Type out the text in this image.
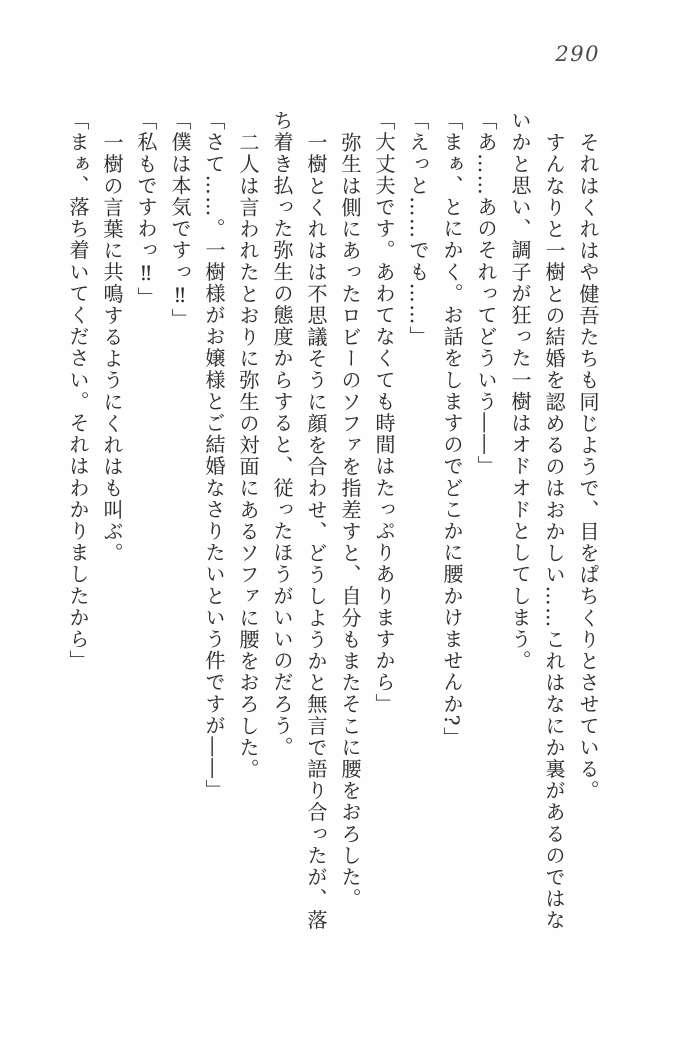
290
それはくれはや健吾たちも同じようで、目をぱちくりとさせている。
すんなりと一樹との結婚を認めるのはおかしい……これはなにか裏があるのではな
いかと思い、調子が狂った一樹はオドオドとしてしまう。
「あ……あのそれってどういう――」
「まぁ、とにかく。お話をしますのでどこかに腰かけませんか?」
「えっと……でも……」
「大丈夫です。あわてなくても時間はたっぷりありますから」
弥生は側にあったロビーのソファを指差すと、自分もまたそこに腰をおろした。
一樹とくれはは不思議そうに顔を合わせ、どうしようかと無言で語り合ったが、落
ち着き払った弥生の態度からすると、従ったほうがいいのだろう。
二人は言われたとおりに弥生の対面にあるソファに腰をおろした。
「さて……。一樹様がお嬢様とご結婚なさりたいという件ですが――」
「僕は本気ですっ‼」
「私もですわっ‼」
一樹の言葉に共鳴するようにくれはも叫ぶ。
「まぁ、落ち着いてください。それはわかりましたから」
